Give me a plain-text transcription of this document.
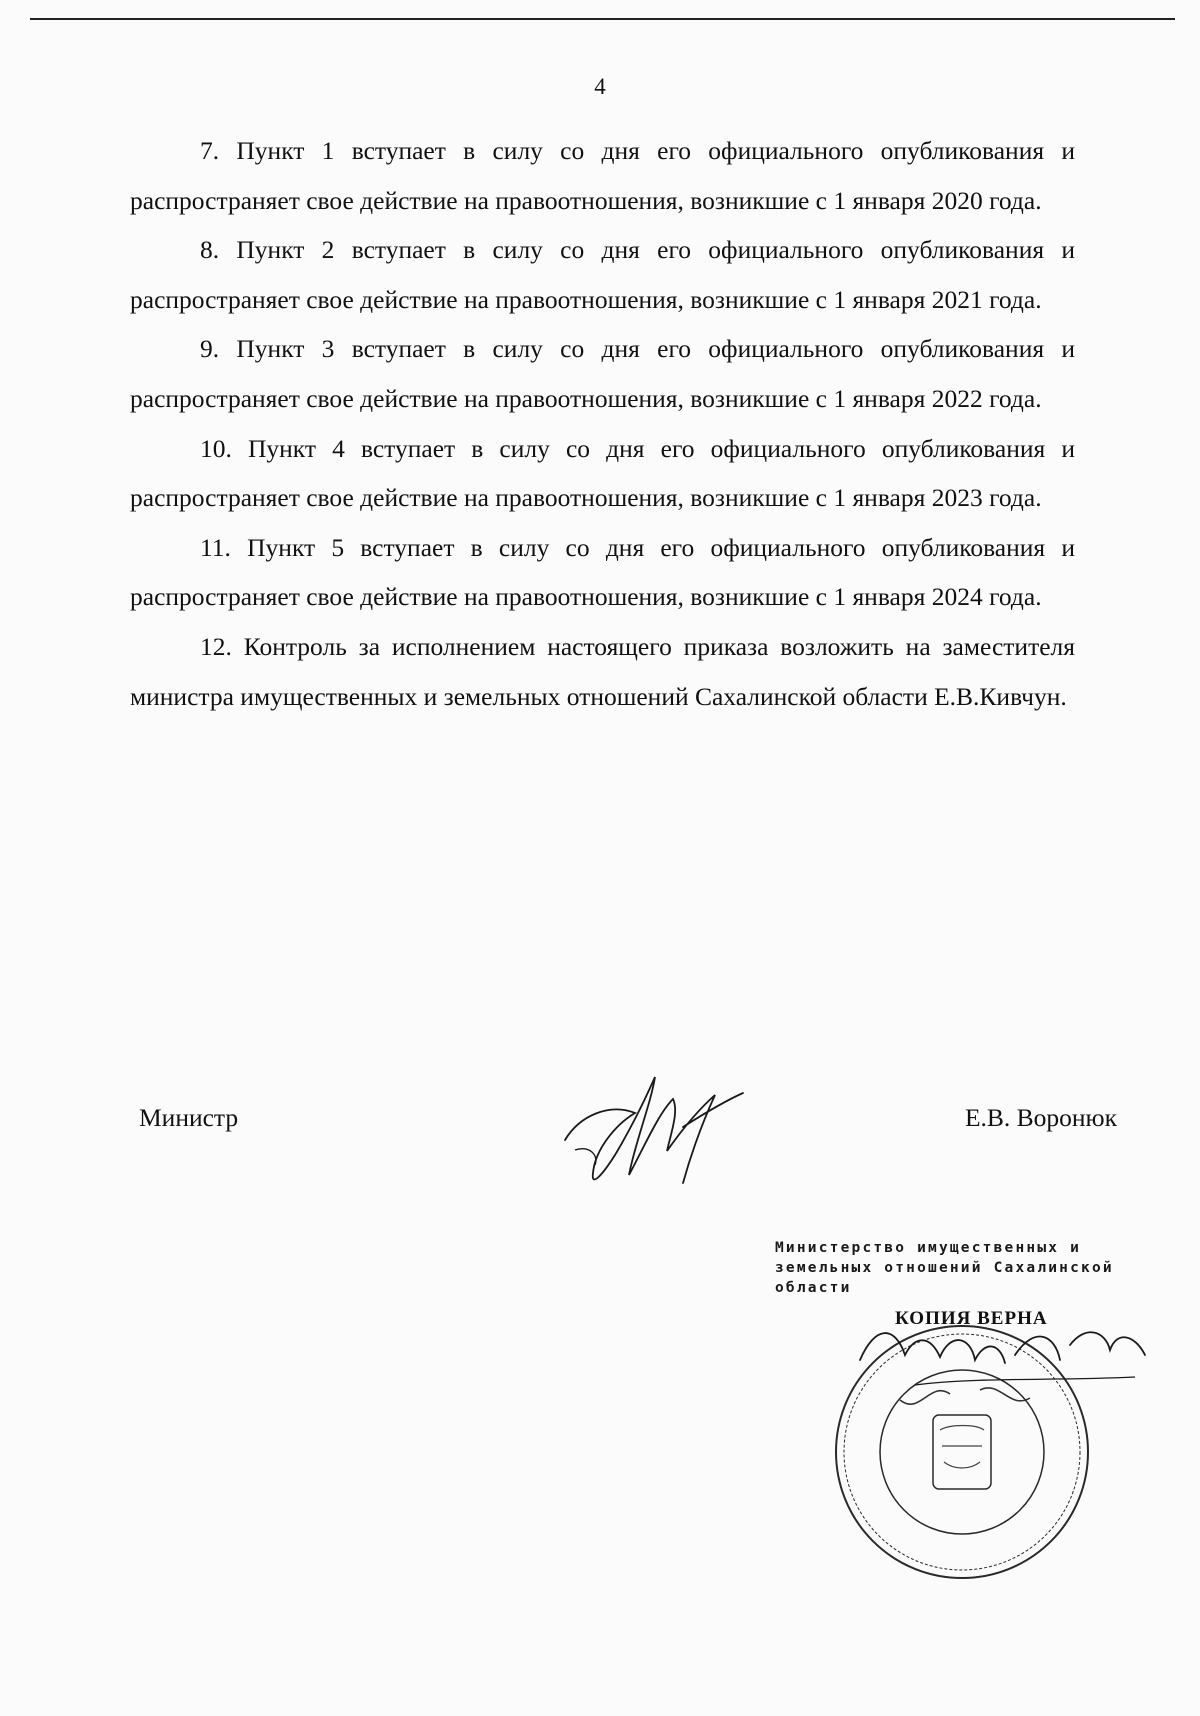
4

7. Пункт 1 вступает в силу со дня его официального опубликования и распространяет свое действие на правоотношения, возникшие с 1 января 2020 года.

8. Пункт 2 вступает в силу со дня его официального опубликования и распространяет свое действие на правоотношения, возникшие с 1 января 2021 года.

9. Пункт 3 вступает в силу со дня его официального опубликования и распространяет свое действие на правоотношения, возникшие с 1 января 2022 года.

10. Пункт 4 вступает в силу со дня его официального опубликования и распространяет свое действие на правоотношения, возникшие с 1 января 2023 года.

11. Пункт 5 вступает в силу со дня его официального опубликования и распространяет свое действие на правоотношения, возникшие с 1 января 2024 года.

12. Контроль за исполнением настоящего приказа возложить на заместителя министра имущественных и земельных отношений Сахалинской области Е.В.Кивчун.

Министр	Е.В. Воронюк
Министерство имущественных и
земельных отношений Сахалинской
области
КОПИЯ ВЕРНА
